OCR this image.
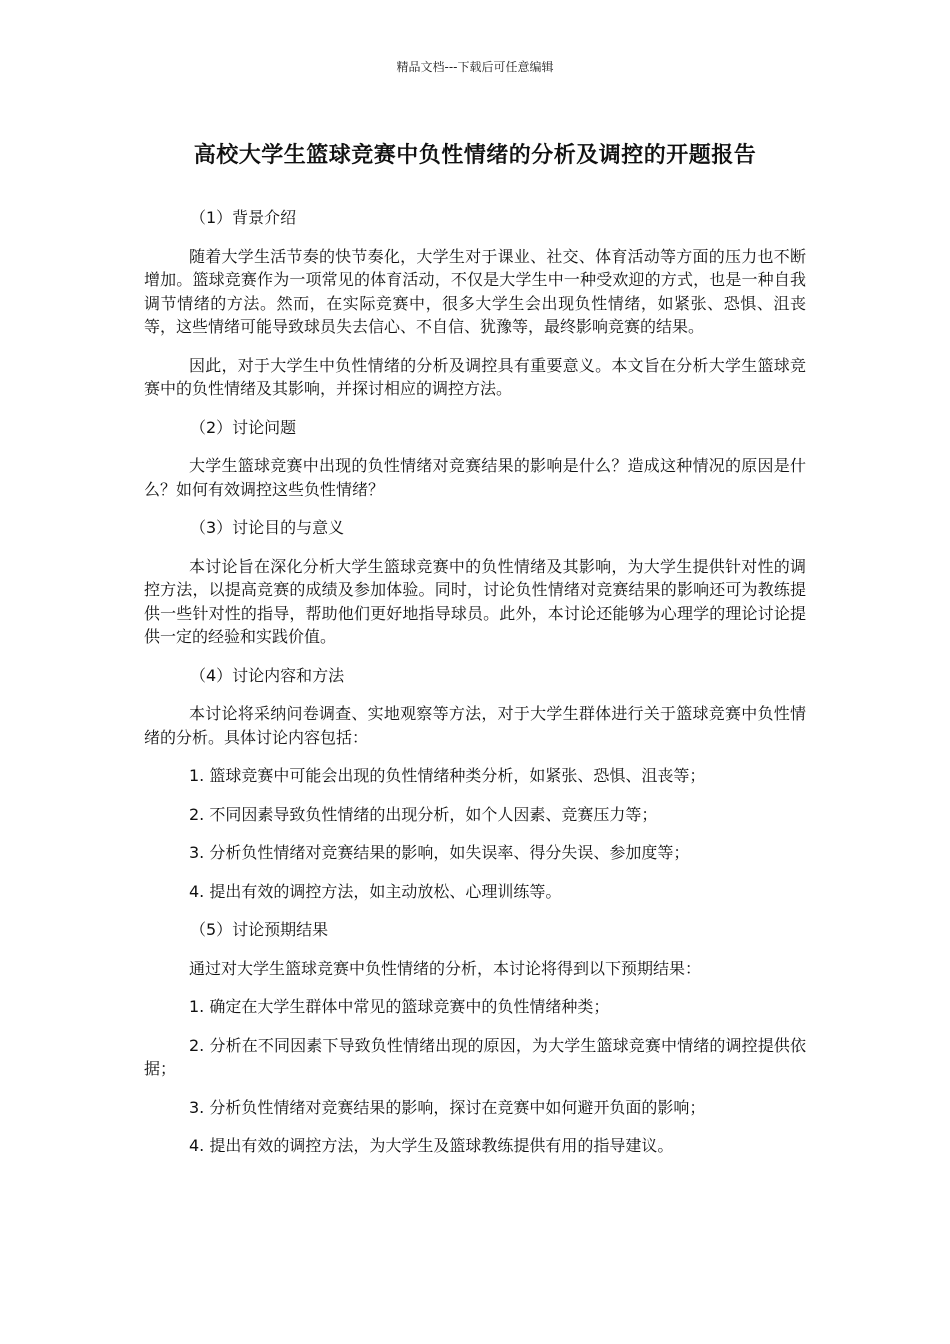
精品文档---下载后可任意编辑
高校大学生篮球竞赛中负性情绪的分析及调控的开题报告

（1）背景介绍

随着大学生活节奏的快节奏化，大学生对于课业、社交、体育活动等方面的压力也不断增加。篮球竞赛作为一项常见的体育活动，不仅是大学生中一种受欢迎的方式，也是一种自我调节情绪的方法。然而，在实际竞赛中，很多大学生会出现负性情绪，如紧张、恐惧、沮丧等，这些情绪可能导致球员失去信心、不自信、犹豫等，最终影响竞赛的结果。

因此，对于大学生中负性情绪的分析及调控具有重要意义。本文旨在分析大学生篮球竞赛中的负性情绪及其影响，并探讨相应的调控方法。

（2）讨论问题

大学生篮球竞赛中出现的负性情绪对竞赛结果的影响是什么？造成这种情况的原因是什么？如何有效调控这些负性情绪？

（3）讨论目的与意义

本讨论旨在深化分析大学生篮球竞赛中的负性情绪及其影响，为大学生提供针对性的调控方法，以提高竞赛的成绩及参加体验。同时，讨论负性情绪对竞赛结果的影响还可为教练提供一些针对性的指导，帮助他们更好地指导球员。此外，本讨论还能够为心理学的理论讨论提供一定的经验和实践价值。

（4）讨论内容和方法

本讨论将采纳问卷调查、实地观察等方法，对于大学生群体进行关于篮球竞赛中负性情绪的分析。具体讨论内容包括：

1. 篮球竞赛中可能会出现的负性情绪种类分析，如紧张、恐惧、沮丧等；

2. 不同因素导致负性情绪的出现分析，如个人因素、竞赛压力等；

3. 分析负性情绪对竞赛结果的影响，如失误率、得分失误、参加度等；

4. 提出有效的调控方法，如主动放松、心理训练等。

（5）讨论预期结果

通过对大学生篮球竞赛中负性情绪的分析，本讨论将得到以下预期结果：

1. 确定在大学生群体中常见的篮球竞赛中的负性情绪种类；

2. 分析在不同因素下导致负性情绪出现的原因，为大学生篮球竞赛中情绪的调控提供依据；

3. 分析负性情绪对竞赛结果的影响，探讨在竞赛中如何避开负面的影响；

4. 提出有效的调控方法，为大学生及篮球教练提供有用的指导建议。
